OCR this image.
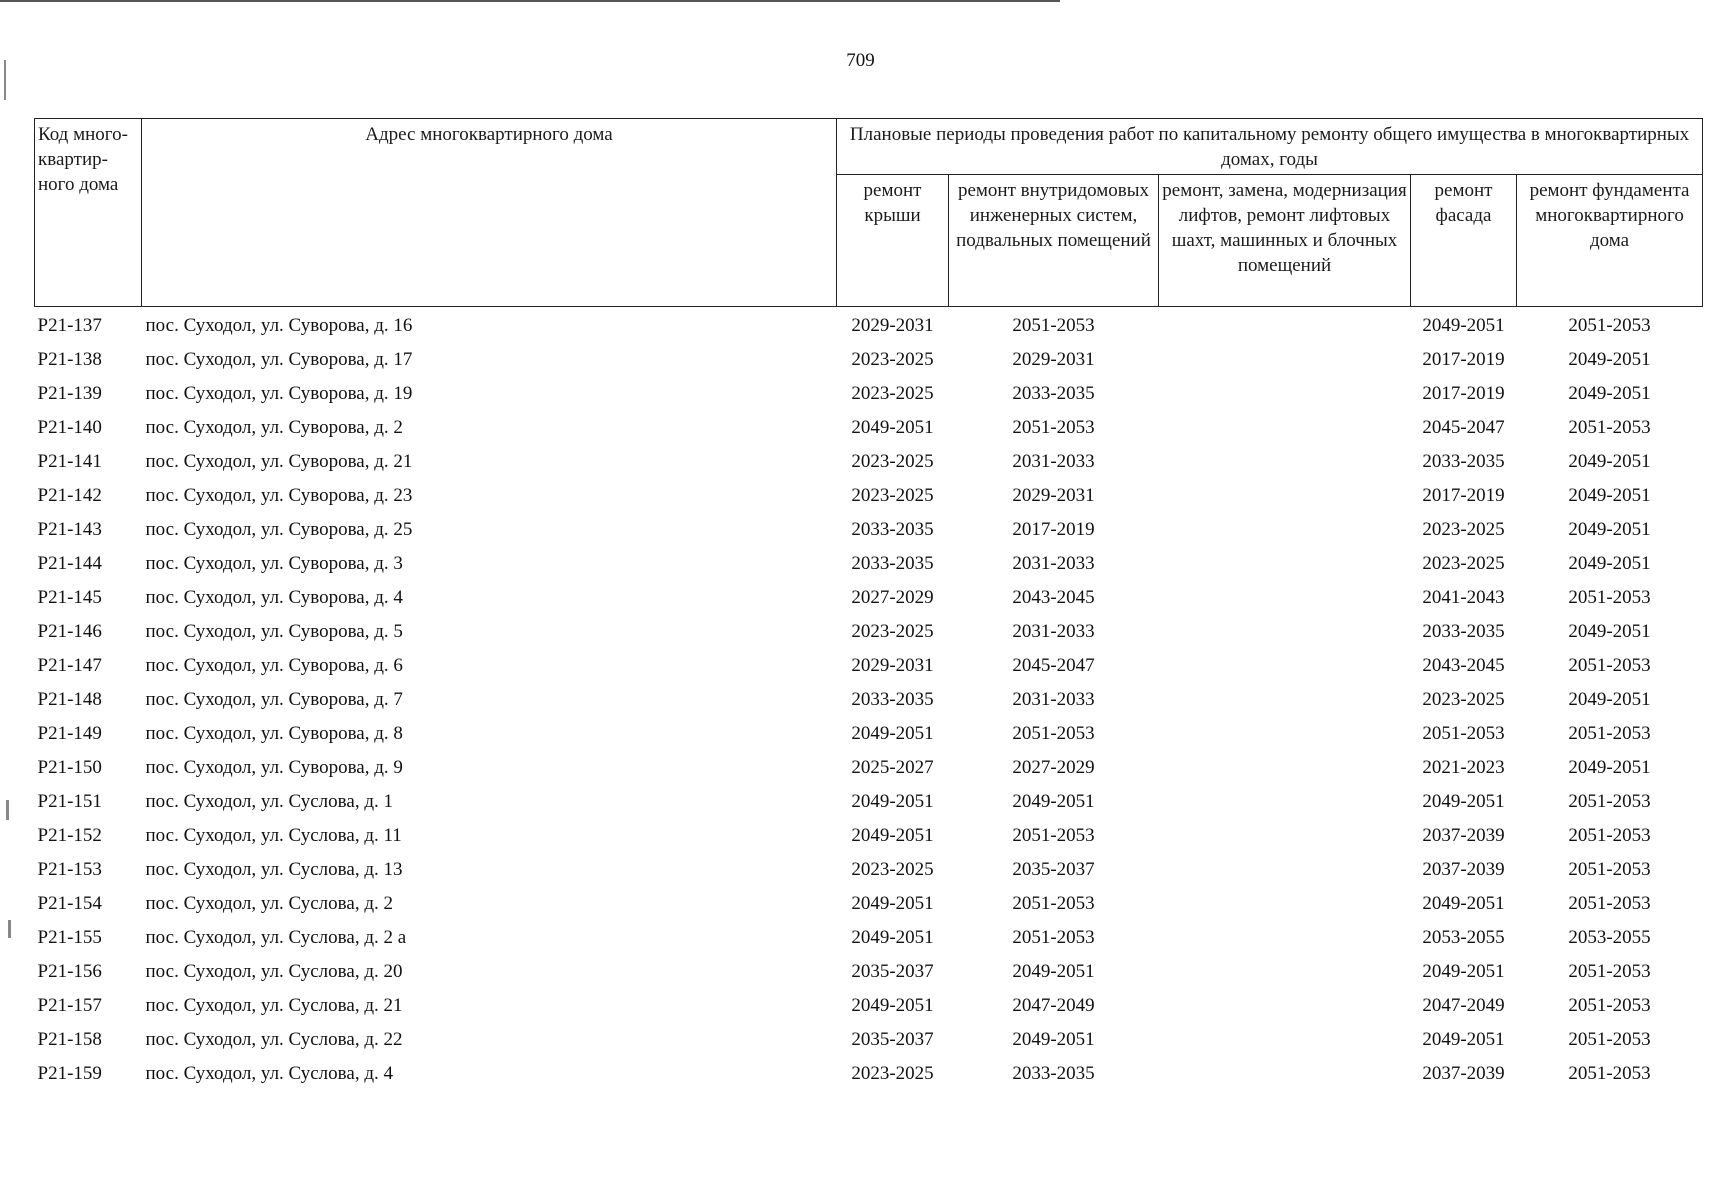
709
Код много-квартир-ного дома	Адрес многоквартирного дома	Плановые периоды проведения работ по капитальному ремонту общего имущества в многоквартирных домах, годы				
		ремонт крыши	ремонт внутридомовых инженерных систем, подвальных помещений	ремонт, замена, модернизация лифтов, ремонт лифтовых шахт, машинных и блочных помещений	ремонт фасада	ремонт фундамента многоквартирного дома
Р21-137	пос. Суходол, ул. Суворова, д. 16	2029-2031	2051-2053		2049-2051	2051-2053
Р21-138	пос. Суходол, ул. Суворова, д. 17	2023-2025	2029-2031		2017-2019	2049-2051
Р21-139	пос. Суходол, ул. Суворова, д. 19	2023-2025	2033-2035		2017-2019	2049-2051
Р21-140	пос. Суходол, ул. Суворова, д. 2	2049-2051	2051-2053		2045-2047	2051-2053
Р21-141	пос. Суходол, ул. Суворова, д. 21	2023-2025	2031-2033		2033-2035	2049-2051
Р21-142	пос. Суходол, ул. Суворова, д. 23	2023-2025	2029-2031		2017-2019	2049-2051
Р21-143	пос. Суходол, ул. Суворова, д. 25	2033-2035	2017-2019		2023-2025	2049-2051
Р21-144	пос. Суходол, ул. Суворова, д. 3	2033-2035	2031-2033		2023-2025	2049-2051
Р21-145	пос. Суходол, ул. Суворова, д. 4	2027-2029	2043-2045		2041-2043	2051-2053
Р21-146	пос. Суходол, ул. Суворова, д. 5	2023-2025	2031-2033		2033-2035	2049-2051
Р21-147	пос. Суходол, ул. Суворова, д. 6	2029-2031	2045-2047		2043-2045	2051-2053
Р21-148	пос. Суходол, ул. Суворова, д. 7	2033-2035	2031-2033		2023-2025	2049-2051
Р21-149	пос. Суходол, ул. Суворова, д. 8	2049-2051	2051-2053		2051-2053	2051-2053
Р21-150	пос. Суходол, ул. Суворова, д. 9	2025-2027	2027-2029		2021-2023	2049-2051
Р21-151	пос. Суходол, ул. Суслова, д. 1	2049-2051	2049-2051		2049-2051	2051-2053
Р21-152	пос. Суходол, ул. Суслова, д. 11	2049-2051	2051-2053		2037-2039	2051-2053
Р21-153	пос. Суходол, ул. Суслова, д. 13	2023-2025	2035-2037		2037-2039	2051-2053
Р21-154	пос. Суходол, ул. Суслова, д. 2	2049-2051	2051-2053		2049-2051	2051-2053
Р21-155	пос. Суходол, ул. Суслова, д. 2 а	2049-2051	2051-2053		2053-2055	2053-2055
Р21-156	пос. Суходол, ул. Суслова, д. 20	2035-2037	2049-2051		2049-2051	2051-2053
Р21-157	пос. Суходол, ул. Суслова, д. 21	2049-2051	2047-2049		2047-2049	2051-2053
Р21-158	пос. Суходол, ул. Суслова, д. 22	2035-2037	2049-2051		2049-2051	2051-2053
Р21-159	пос. Суходол, ул. Суслова, д. 4	2023-2025	2033-2035		2037-2039	2051-2053
